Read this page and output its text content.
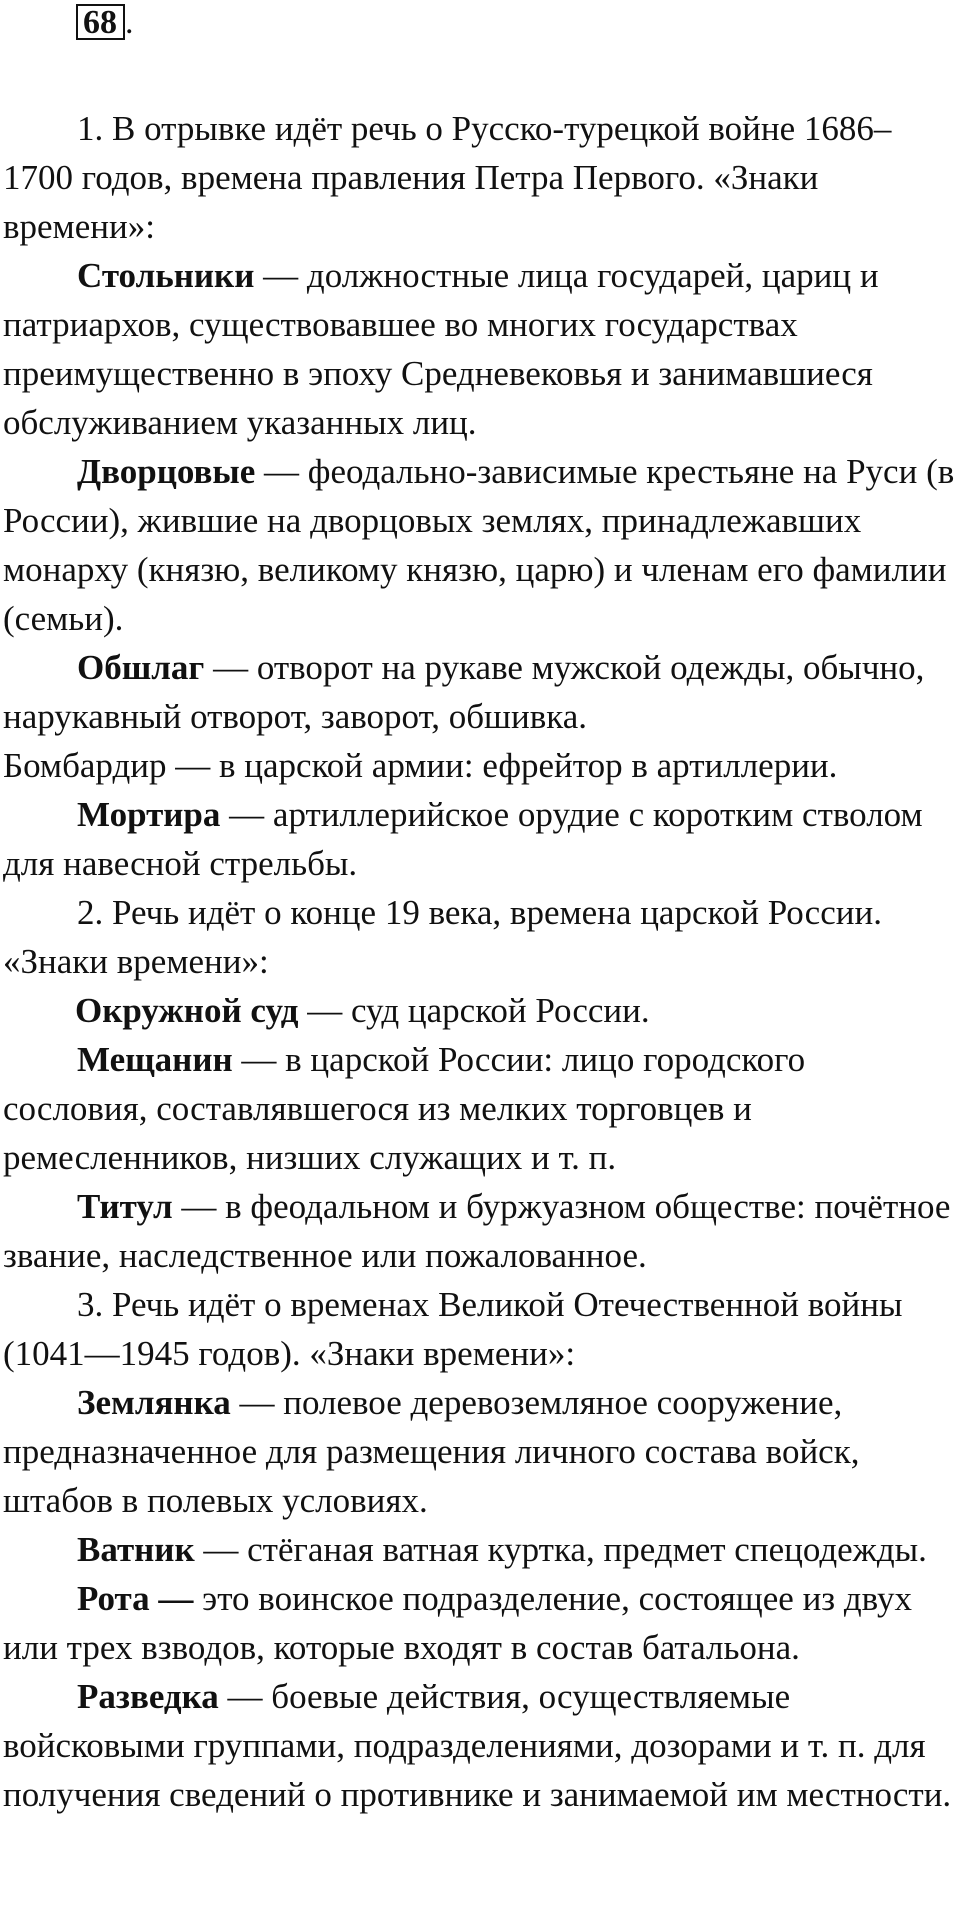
68 .

1. В отрывке идёт речь о Русско-турецкой войне 1686–1700 годов, времена правления Петра Первого. «Знаки времени»:

Стольники — должностные лица государей, цариц и патриархов, существовавшее во многих государствах преимущественно в эпоху Средневековья и занимавшиеся обслуживанием указанных лиц.

Дворцовые — феодально-зависимые крестьяне на Руси (в России), жившие на дворцовых землях, принадлежавших монарху (князю, великому князю, царю) и членам его фамилии (семьи).

Обшлаг — отворот на рукаве мужской одежды, обычно, нарукавный отворот, заворот, обшивка.

Бомбардир — в царской армии: ефрейтор в артиллерии.

Мортира — артиллерийское орудие с коротким стволом для навесной стрельбы.

2. Речь идёт о конце 19 века, времена царской России. «Знаки времени»:

Окружной суд — суд царской России.

Мещанин — в царской России: лицо городского сословия, составлявшегося из мелких торговцев и ремесленников, низших служащих и т. п.

Титул — в феодальном и буржуазном обществе: почётное звание, наследственное или пожалованное.

3. Речь идёт о временах Великой Отечественной войны (1041—1945 годов). «Знаки времени»:

Землянка — полевое деревоземляное сооружение, предназначенное для размещения личного состава войск, штабов в полевых условиях.

Ватник — стёганая ватная куртка, предмет спецодежды.

Рота — это воинское подразделение, состоящее из двух или трех взводов, которые входят в состав батальона.

Разведка — боевые действия, осуществляемые войсковыми группами, подразделениями, дозорами и т. п. для получения сведений о противнике и занимаемой им местности.
